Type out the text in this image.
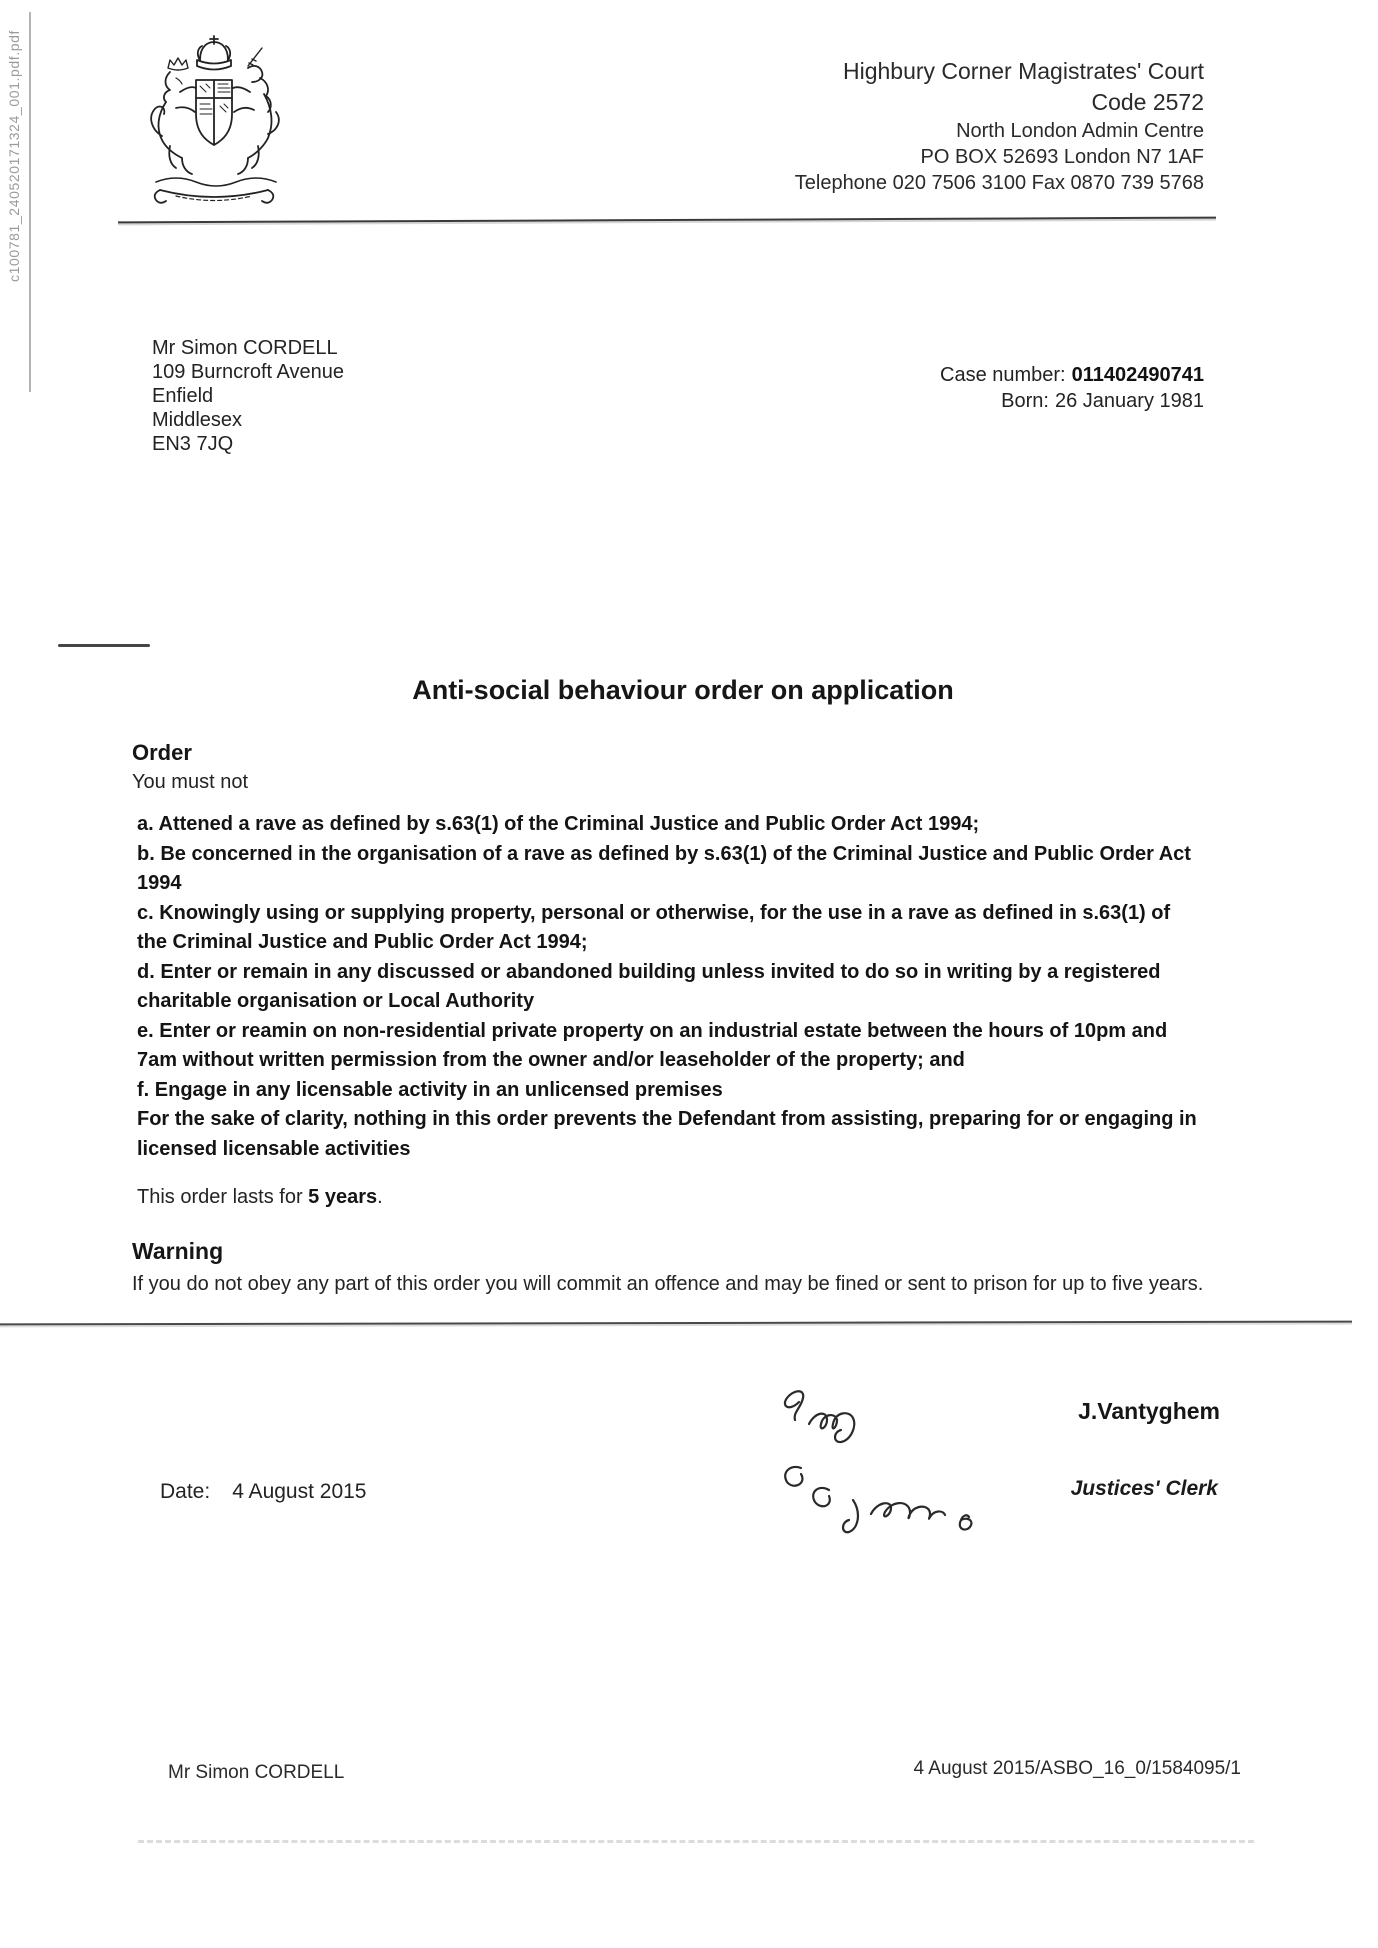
c100781_240520171324_001.pdf.pdf	Highbury Corner Magistrates' Court
Code 2572
North London Admin Centre
PO BOX 52693 London N7 1AF
Telephone 020 7506 3100 Fax 0870 739 5768
Mr Simon CORDELL
109 Burncroft Avenue
Enfield
Middlesex
EN3 7JQ
Case number: 011402490741
Born: 26 January 1981
Anti-social behaviour order on application
Order
You must not

a. Attened a rave as defined by s.63(1) of the Criminal Justice and Public Order Act 1994;

b. Be concerned in the organisation of a rave as defined by s.63(1) of the Criminal Justice and Public Order Act 1994

c. Knowingly using or supplying property, personal or otherwise, for the use in a rave as defined in s.63(1) of the Criminal Justice and Public Order Act 1994;

d. Enter or remain in any discussed or abandoned building unless invited to do so in writing by a registered charitable organisation or Local Authority

e. Enter or reamin on non-residential private property on an industrial estate between the hours of 10pm and 7am without written permission from the owner and/or leaseholder of the property; and

f. Engage in any licensable activity in an unlicensed premises

For the sake of clarity, nothing in this order prevents the Defendant from assisting, preparing for or engaging in licensed licensable activities

This order lasts for 5 years.
Warning
If you do not obey any part of this order you will commit an offence and may be fined or sent to prison for up to five years.
J.Vantyghem
Justices' Clerk
Date: 4 August 2015
Mr Simon CORDELL	4 August 2015/ASBO_16_0/1584095/1
